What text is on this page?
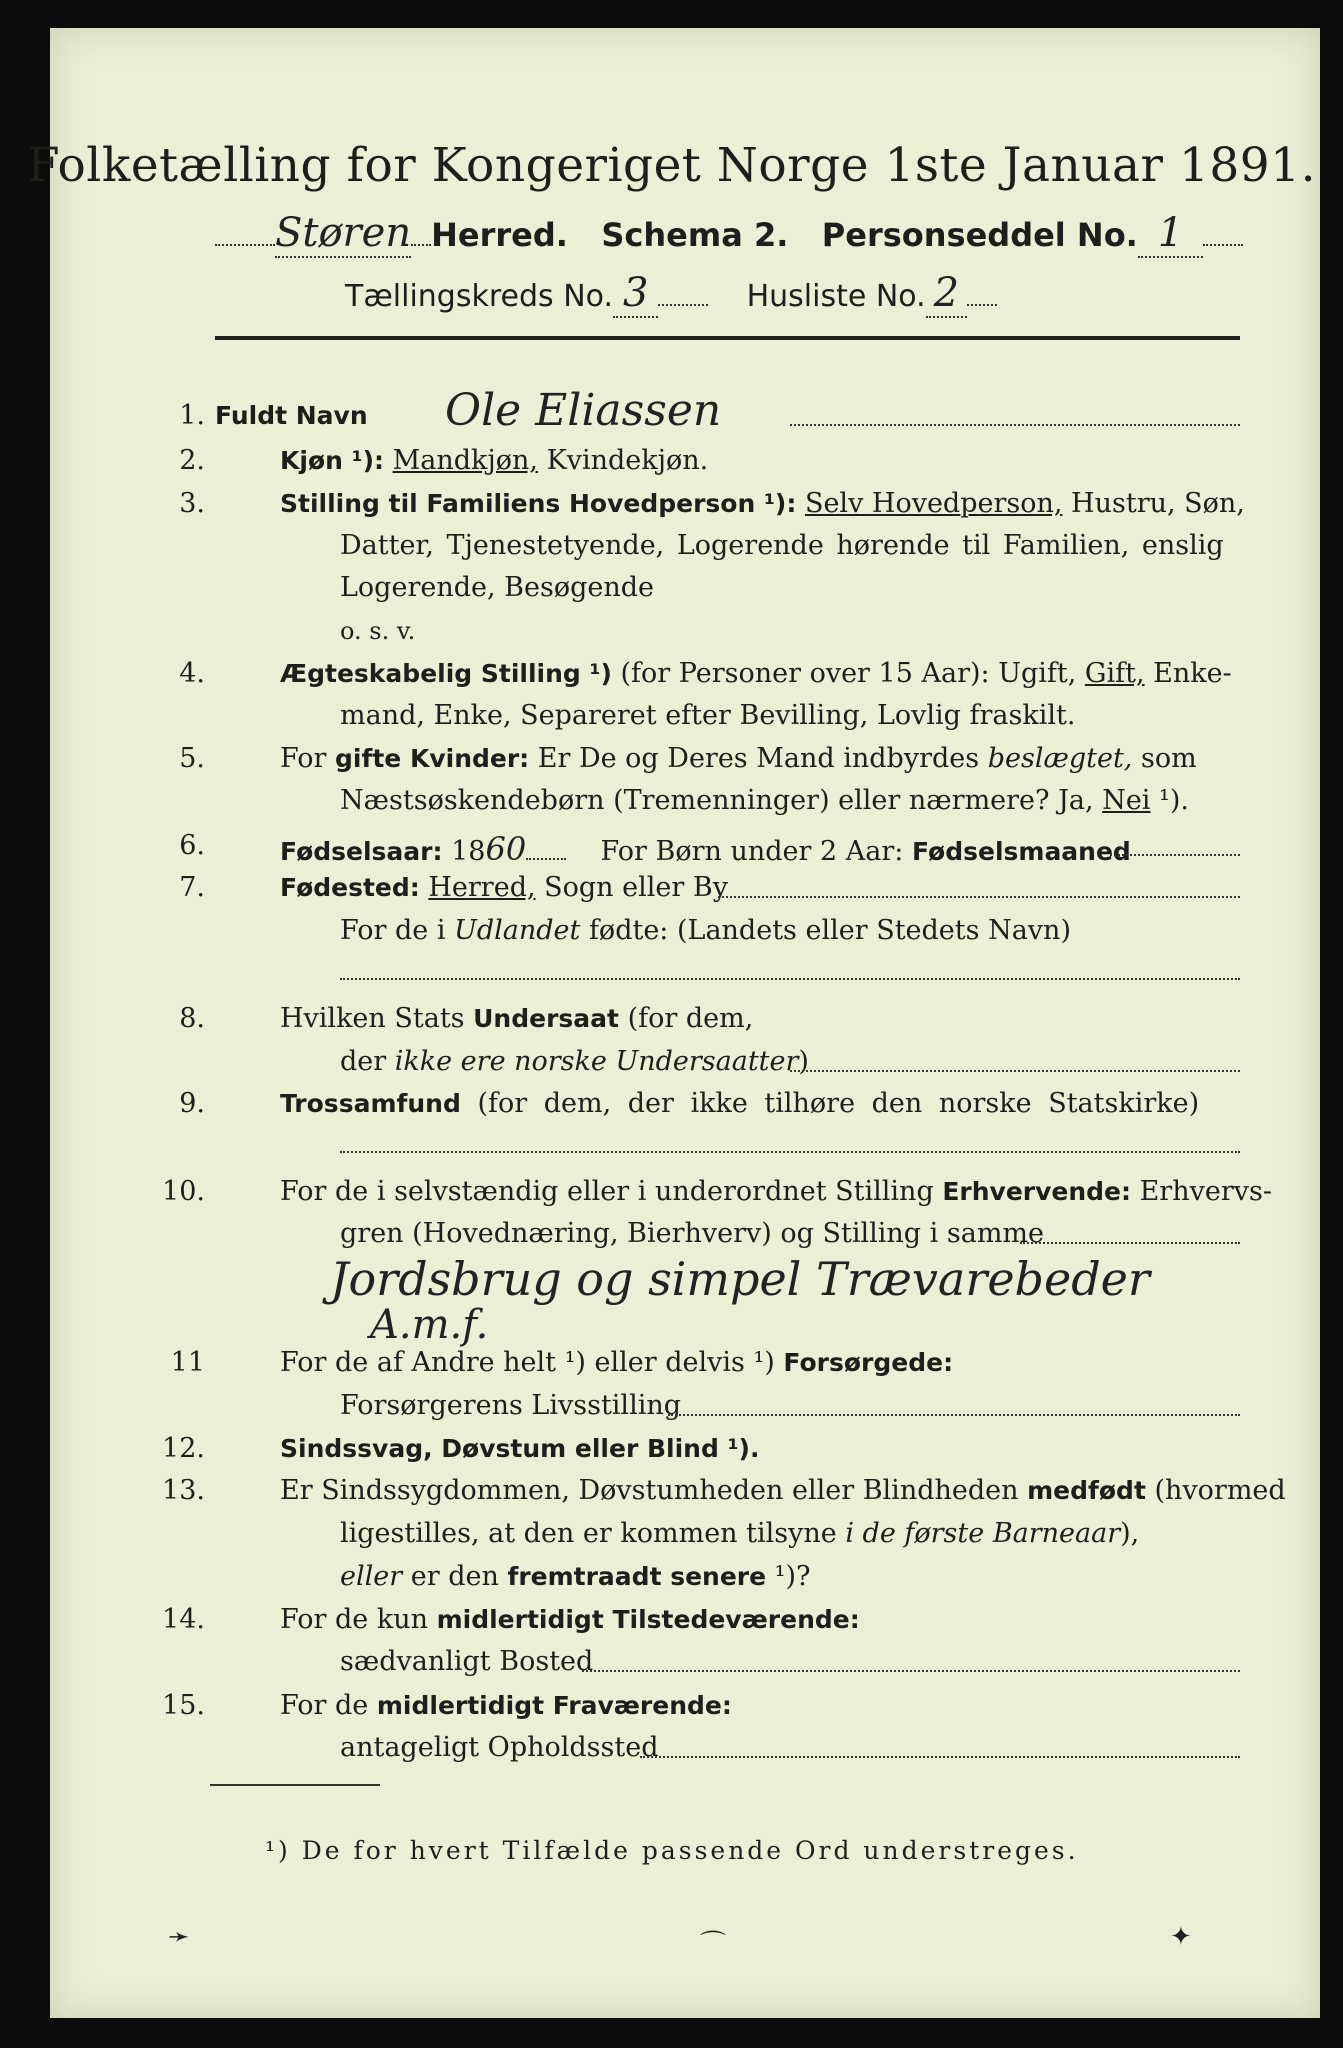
Folketælling for Kongeriget Norge 1ste Januar 1891.
Støren Herred. Schema 2. Personseddel No. 1
Tællingskreds No. 3	Husliste No. 2
1. Fuldt Navn Ole Eliassen
2.	Kjøn ¹): Mandkjøn, Kvindekjøn.
3.	Stilling til Familiens Hovedperson ¹): Selv Hovedperson, Hustru, Søn,
Datter, Tjenestetyende, Logerende hørende til Familien, enslig
Logerende, Besøgende
o. s. v.
4.	Ægteskabelig Stilling ¹) (for Personer over 15 Aar): Ugift, Gift, Enke-
mand, Enke, Separeret efter Bevilling, Lovlig fraskilt.
5.	For gifte Kvinder: Er De og Deres Mand indbyrdes beslægtet, som
Næstsøskendebørn (Tremenninger) eller nærmere? Ja, Nei ¹).
6.	Fødselsaar: 1860    For Børn under 2 Aar: Fødselsmaaned
7.	Fødested: Herred, Sogn eller By
For de i Udlandet fødte: (Landets eller Stedets Navn)
8.	Hvilken Stats Undersaat (for dem,
der ikke ere norske Undersaatter)
9.	Trossamfund (for dem, der ikke tilhøre den norske Statskirke)
10.	For de i selvstændig eller i underordnet Stilling Erhvervende: Erhvervs-
gren (Hovednæring, Bierhverv) og Stilling i samme
Jordsbrug og simpel Trævarebeder
A.m.f.
11	For de af Andre helt ¹) eller delvis ¹) Forsørgede:
Forsørgerens Livsstilling
12.	Sindssvag, Døvstum eller Blind ¹).
13.	Er Sindssygdommen, Døvstumheden eller Blindheden medfødt (hvormed
ligestilles, at den er kommen tilsyne i de første Barneaar),
eller er den fremtraadt senere ¹)?
14.	For de kun midlertidigt Tilstedeværende:
sædvanligt Bosted
15.	For de midlertidigt Fraværende:
antageligt Opholdssted
¹) De for hvert Tilfælde passende Ord understreges.
➛	⌒	✦
